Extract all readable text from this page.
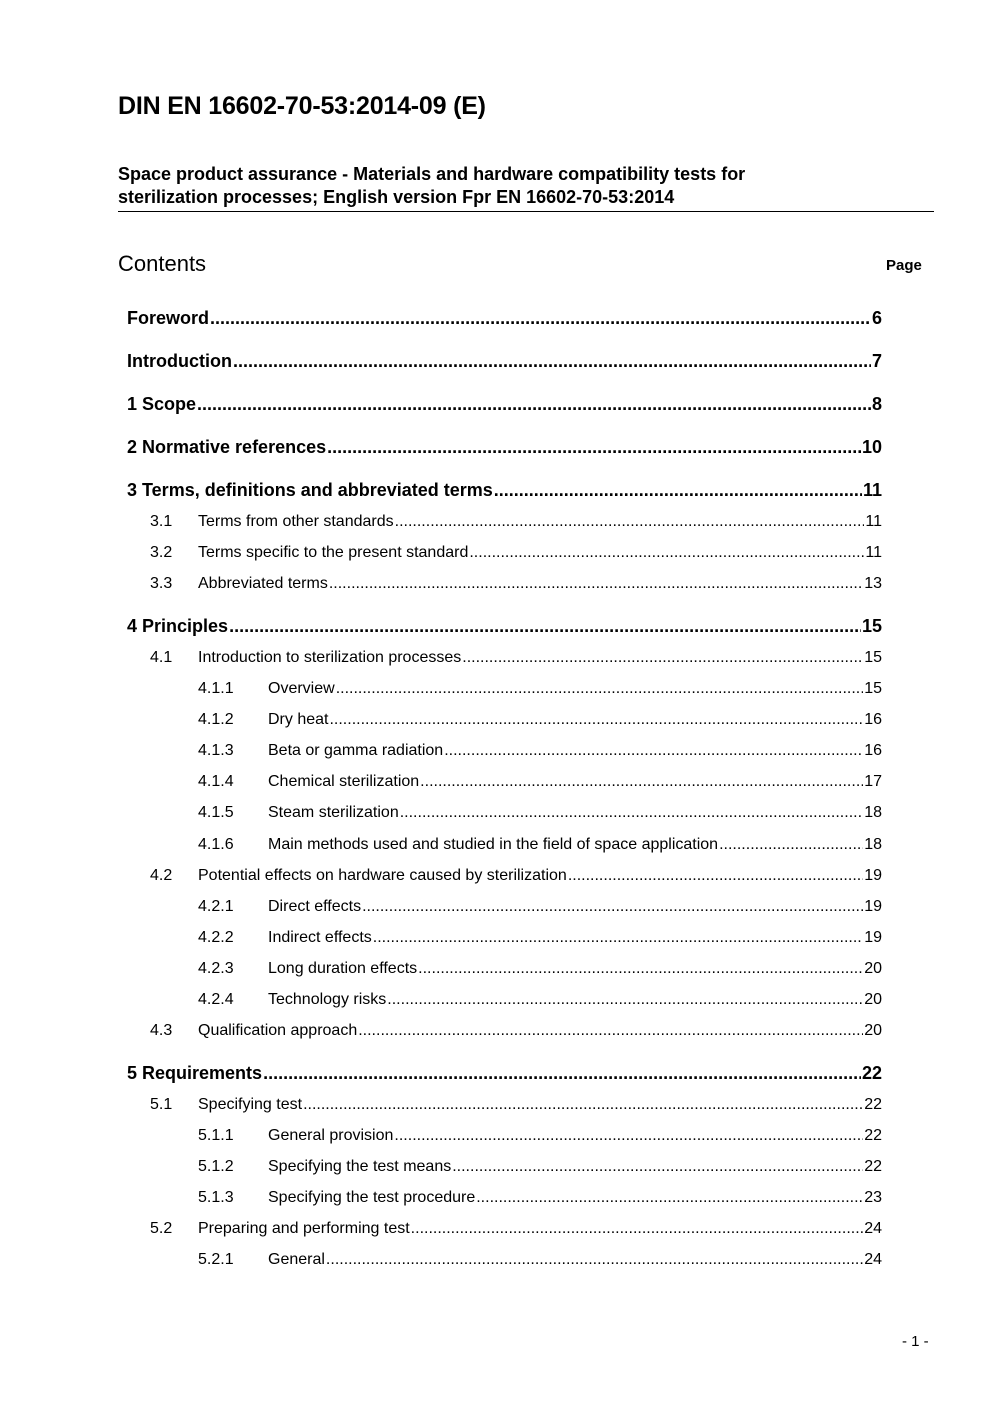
DIN EN 16602-70-53:2014-09 (E)
Space product assurance - Materials and hardware compatibility tests for
sterilization processes; English version Fpr EN 16602-70-53:2014
Contents	Page
Foreword .....	6
Introduction .....	7
1 Scope .....	8
2 Normative references .....	10
3 Terms, definitions and abbreviated terms .....	11
3.1	Terms from other standards .....	11
3.2	Terms specific to the present standard .....	11
3.3	Abbreviated terms .....	13
4 Principles .....	15
4.1	Introduction to sterilization processes .....	15
4.1.1	Overview .....	15
4.1.2	Dry heat .....	16
4.1.3	Beta or gamma radiation .....	16
4.1.4	Chemical sterilization .....	17
4.1.5	Steam sterilization .....	18
4.1.6	Main methods used and studied in the field of space application .....	18
4.2	Potential effects on hardware caused by sterilization .....	19
4.2.1	Direct effects .....	19
4.2.2	Indirect effects .....	19
4.2.3	Long duration effects .....	20
4.2.4	Technology risks .....	20
4.3	Qualification approach .....	20
5 Requirements .....	22
5.1	Specifying test .....	22
5.1.1	General provision .....	22
5.1.2	Specifying the test means .....	22
5.1.3	Specifying the test procedure .....	23
5.2	Preparing and performing test .....	24
5.2.1	General .....	24
- 1 -
